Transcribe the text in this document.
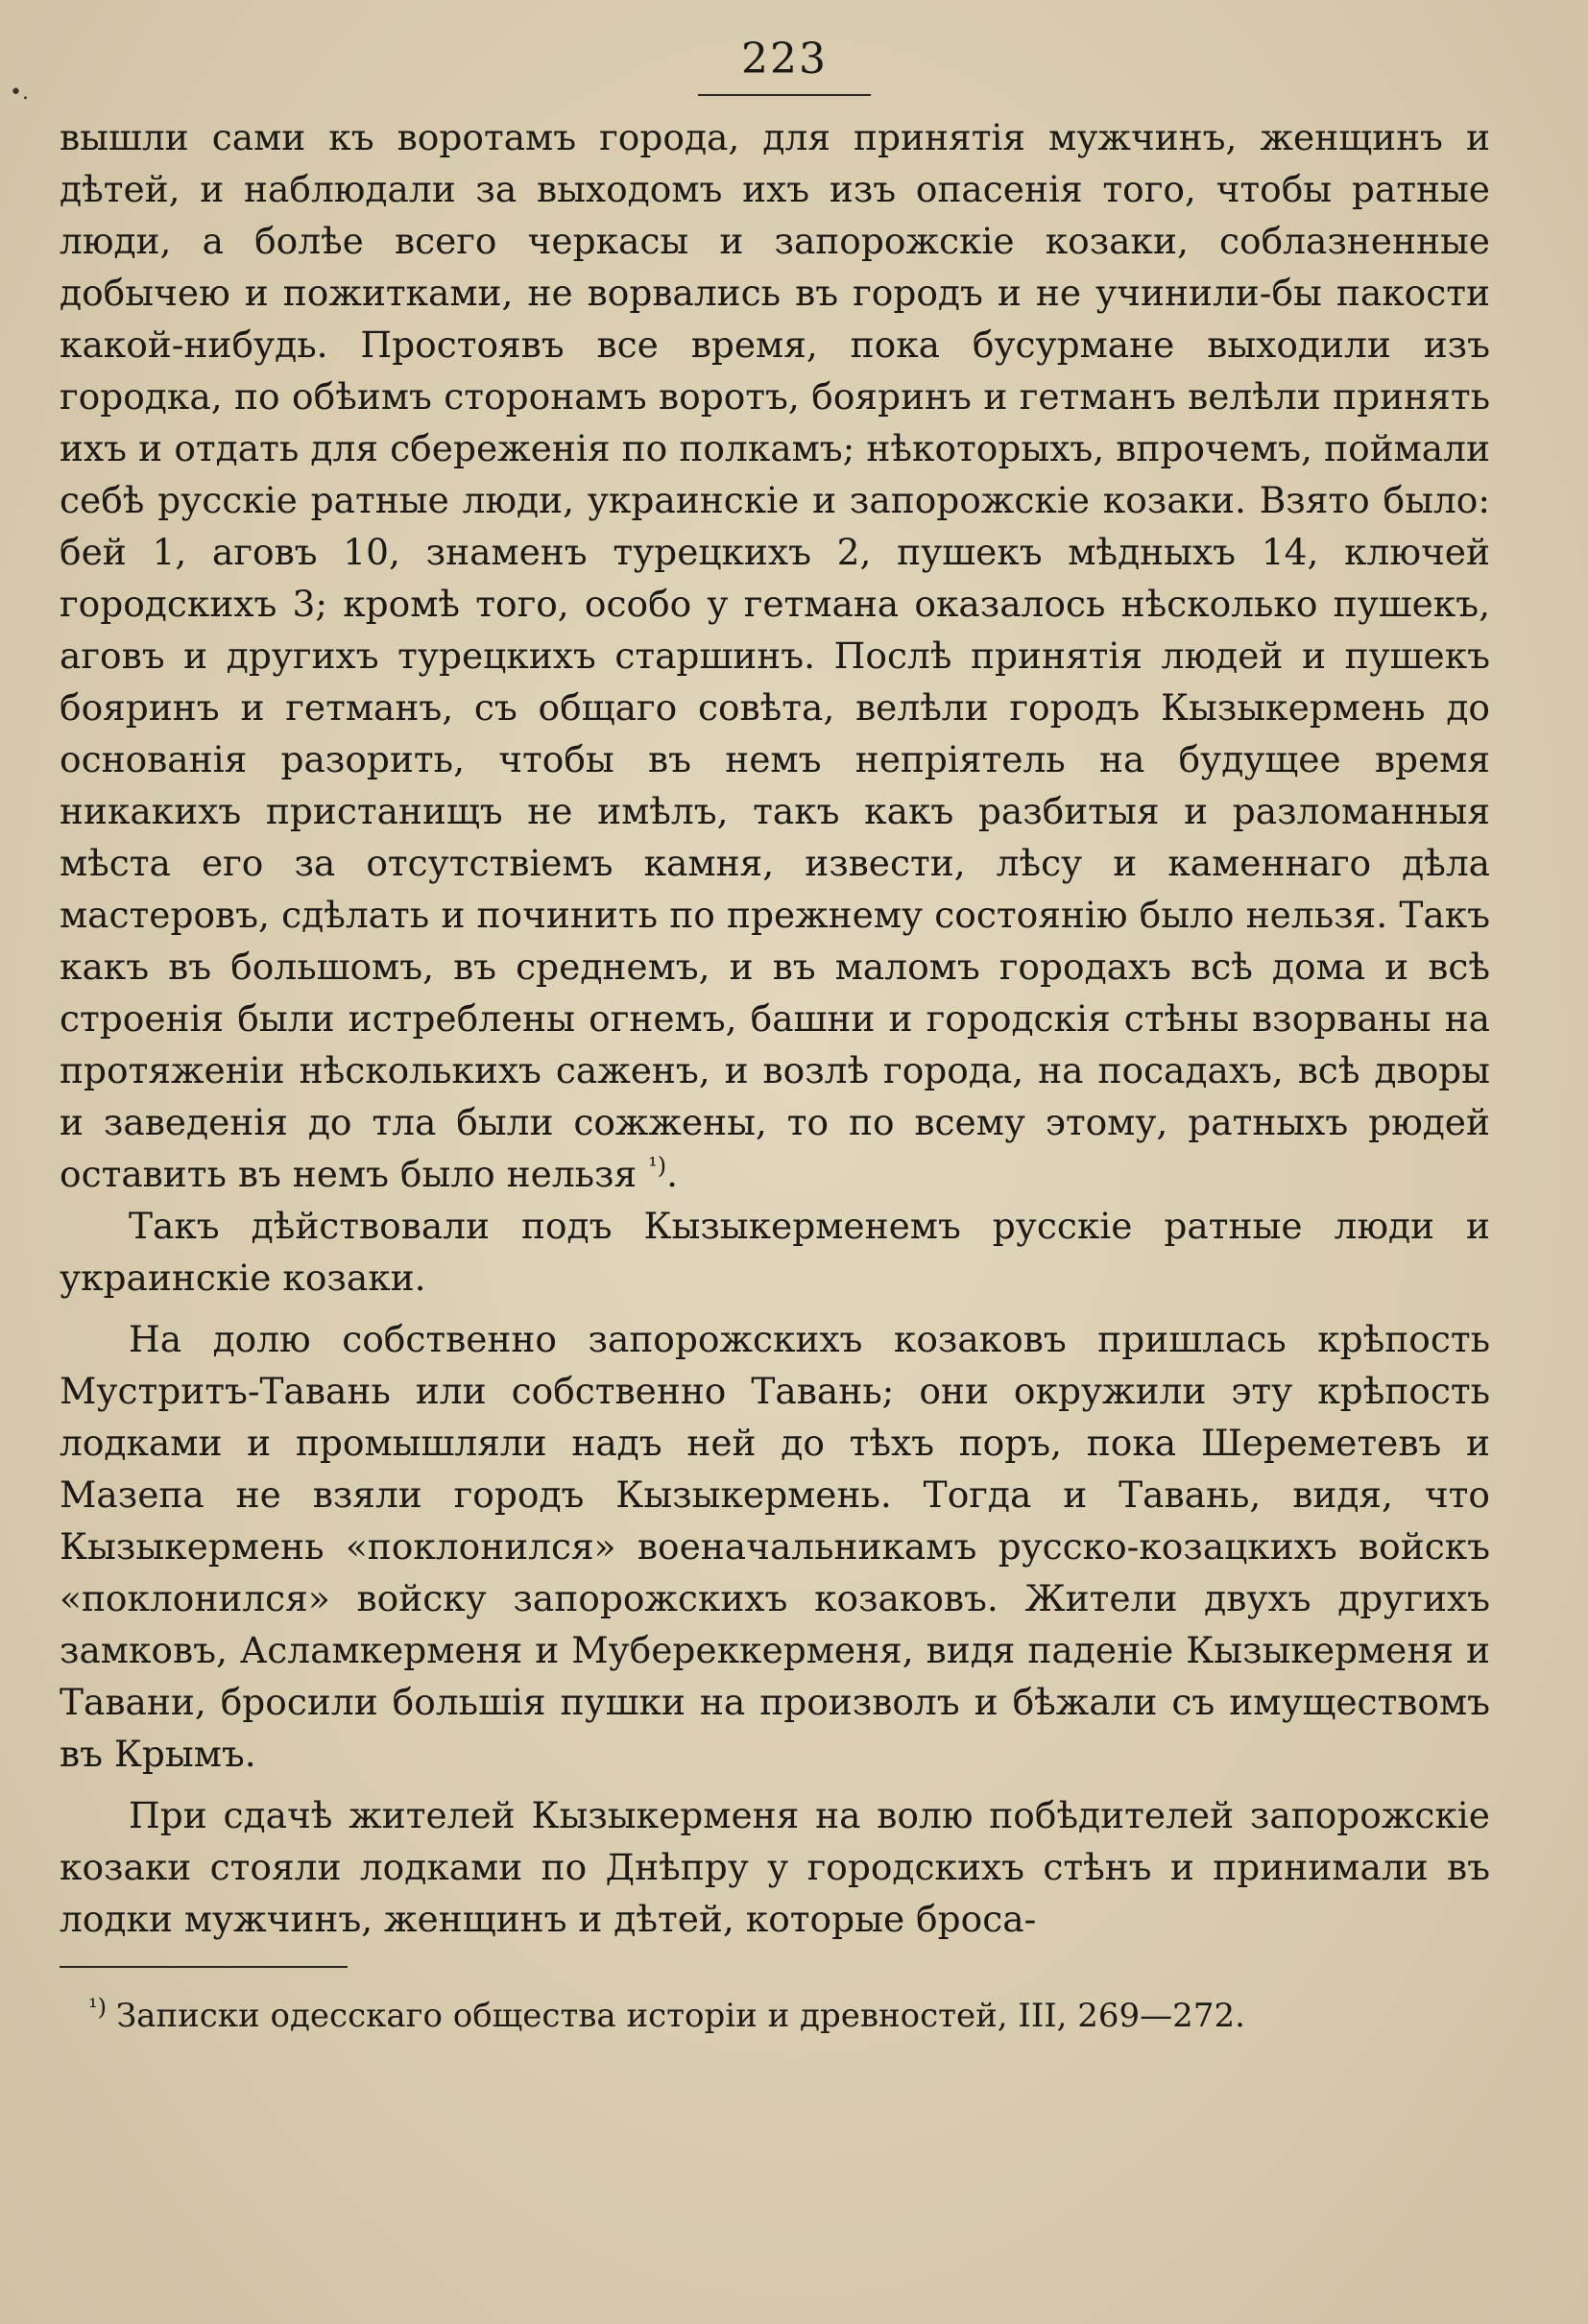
•.
223

вышли сами къ воротамъ города, для принятія мужчинъ, женщинъ и дѣтей, и наблюдали за выходомъ ихъ изъ опасенія того, чтобы ратные люди, а болѣе всего черкасы и запорожскіе козаки, соблазненные добычею и пожитками, не ворвались въ городъ и не учинили-бы пакости какой-нибудь. Простоявъ все время, пока бусурмане выходили изъ городка, по обѣимъ сторонамъ воротъ, бояринъ и гетманъ велѣли принять ихъ и отдать для сбереженія по полкамъ; нѣкоторыхъ, впрочемъ, поймали себѣ русскіе ратные люди, украинскіе и запорожскіе козаки. Взято было: бей 1, аговъ 10, знаменъ турецкихъ 2, пушекъ мѣдныхъ 14, ключей городскихъ 3; кромѣ того, особо у гетмана оказалось нѣсколько пушекъ, аговъ и другихъ турецкихъ старшинъ. Послѣ принятія людей и пушекъ бояринъ и гетманъ, съ общаго совѣта, велѣли городъ Кызыкермень до основанія разорить, чтобы въ немъ непріятель на будущее время никакихъ пристанищъ не имѣлъ, такъ какъ разбитыя и разломанныя мѣста его за отсутствіемъ камня, извести, лѣсу и каменнаго дѣла мастеровъ, сдѣлать и починить по прежнему состоянію было нельзя. Такъ какъ въ большомъ, въ среднемъ, и въ маломъ городахъ всѣ дома и всѣ строенія были истреблены огнемъ, башни и городскія стѣны взорваны на протяженіи нѣсколькихъ саженъ, и возлѣ города, на посадахъ, всѣ дворы и заведенія до тла были сожжены, то по всему этому, ратныхъ рюдей оставить въ немъ было нельзя $^{^1)}$.

Такъ дѣйствовали подъ Кызыкерменемъ русскіе ратные люди и украинскіе козаки.

На долю собственно запорожскихъ козаковъ пришлась крѣпость Муcтритъ-Тавань или собственно Тавань; они окружили эту крѣпость лодками и промышляли надъ ней до тѣхъ поръ, пока Шереметевъ и Мазепа не взяли городъ Кызыкермень. Тогда и Тавань, видя, что Кызыкермень «поклонился» военачальникамъ русско-козацкихъ войскъ «поклонился» войску запорожскихъ козаковъ. Жители двухъ другихъ замковъ, Асламкерменя и Мубереккерменя, видя паденіе Кызыкерменя и Тавани, бросили большія пушки на произволъ и бѣжали съ имуществомъ въ Крымъ.

При сдачѣ жителей Кызыкерменя на волю побѣдителей запорожскіе козаки стояли лодками по Днѣпру у городскихъ стѣнъ и принимали въ лодки мужчинъ, женщинъ и дѣтей, которые броса-

$^{^1)}$ Записки одесскаго общества исторіи и древностей, III, 269—272.
